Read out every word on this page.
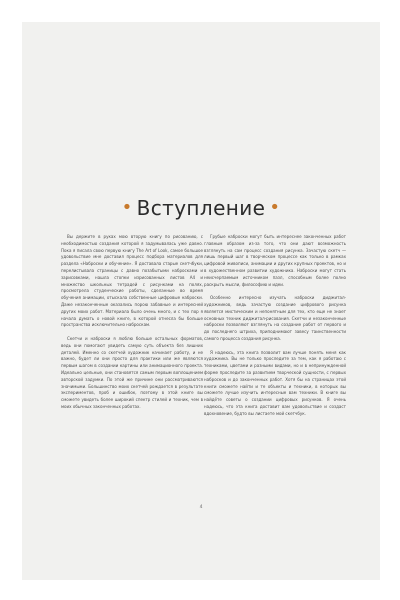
• Вступление •

Вы держите в руках мою вторую книгу по рисованию, с необходимостью создания которой я задумывалась уже давно. Пока я писала свою первую книгу The Art of Look, самое большое удовольствие мне доставил процесс подбора материалов для раздела «Наброски и обучение». Я доставала старые скетчбуки, перелистывала страницы с давно позабытыми набросками и зарисовками, нашла стопки изрисованных листов А4 и множество школьных тетрадей с рисунками на полях, просмотрела студенческие работы, сделанные во время обучения анимации, отыскала собственные цифровые наброски. Даже незаконченные оказались порою забавные и интересней других моих работ. Материала было очень много, и с тех пор я начала думать о новой книге, в которой отнесла бы больше пространства исключительно наброскам.

Скетчи и наброски я люблю больше остальных форматов, ведь они помогают увидеть самую суть объекта без лишних деталей. Именно со скетчей художник начинает работу, и не важно, будет ли они просто для практики или же являются первым шагом в создании картины или анимационного проекта. Идеально цельные, они становятся самым первым воплощением авторской задумки. По этой же причине они рассматриваются значимыми. Большинство моих скетчей рождается в результате экспериментов, проб и ошибок, поэтому в этой книге вы сможете увидеть более широкий спектр стилей и техник, чем в моих обычных законченных работах.

Грубые наброски могут быть интереснее законченных работ главным образом из-за того, что они дают возможность взглянуть на сам процесс создания рисунка. Зачастую скетч — лишь первый шаг в творческом процессе как только в рамках цифровой живописи, анимации и других крупных проектов, но и в художественном развитии художника. Наброски могут стать неисчерпаемым источником пазл, способным более полно раскрыть мысли, философию и идеи.

Особенно интересно изучать наброски диджитал-художников, ведь зачастую создание цифрового рисунка является мистическим и непонятным для тех, кто еще не знает основных техник диджитал-рисования. Скетчи и незаконченные наброски позволяют взглянуть на создание работ от первого и до последнего штриха, приподнимают завесу таинственности самого процесса создания рисунка.

Я надеюсь, эта книга позволит вам лучше понять меня как художника. Вы не только проследите за тем, как я работаю с техниками, цветами и разными видами, но и в непринужденной форме проследите за развитием творческой сущности, с первых набросков и до законченных работ. Хотя бы на страницах этой книги сможете найти и те объекты и техники, в которых вы сможете лучше изучить интересные вам техники. В книге вы найдёте советы о создании цифровых рисунков. Я очень надеюсь, что эта книга доставит вам удовольствие и создаст вдохновение, будто вы листаете мой скетчбук.

4
